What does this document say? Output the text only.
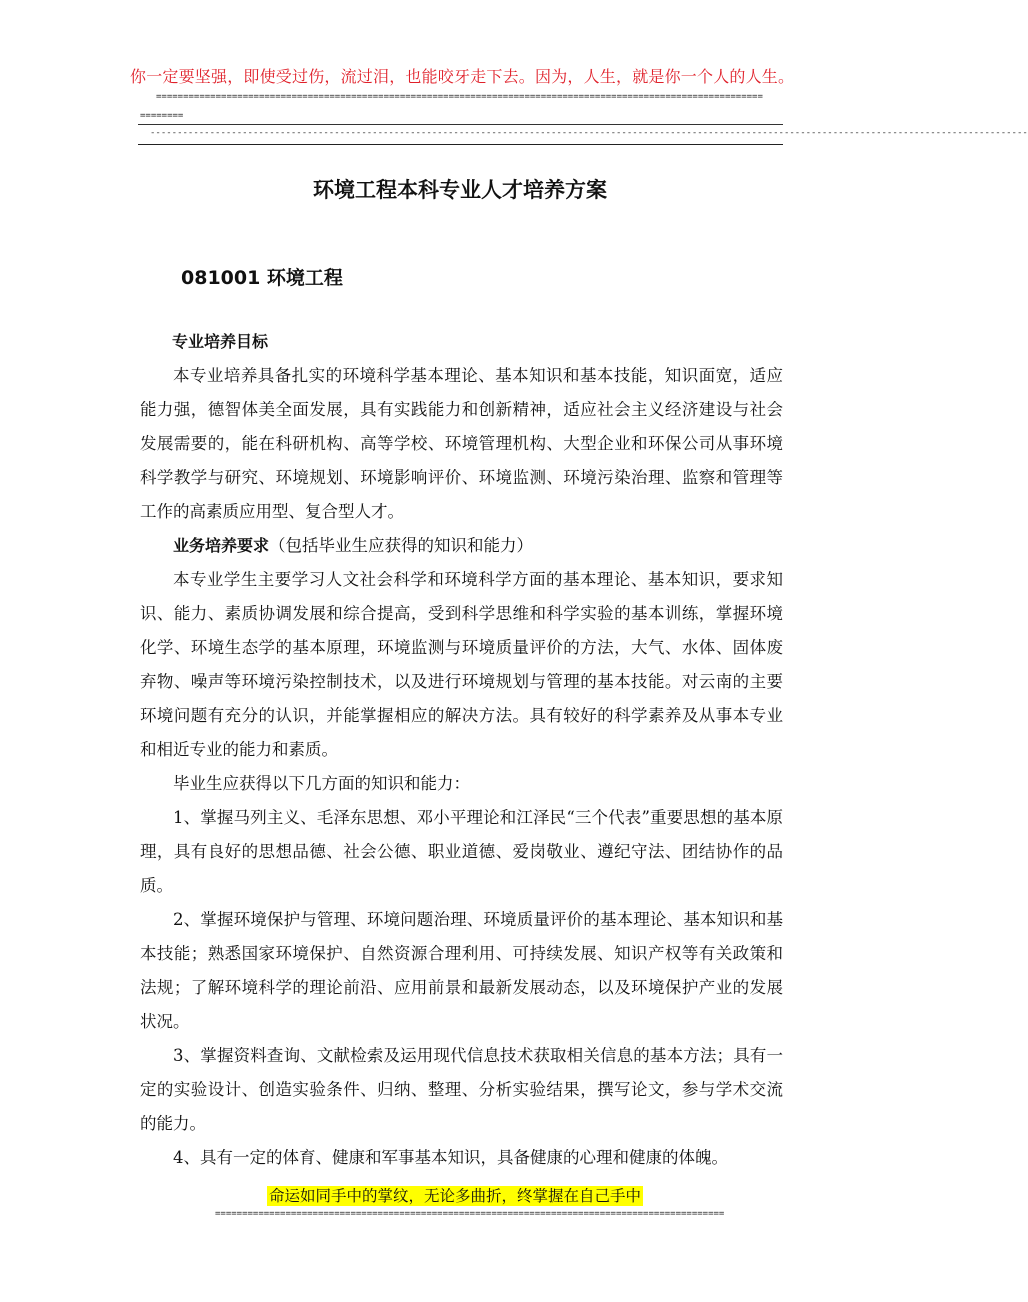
你一定要坚强，即使受过伤，流过泪，也能咬牙走下去。因为，人生，就是你一个人的人生。
================================================================================================================
========
------------------------------------------------------------------------------------------------------------------------------------------------------------------
环境工程本科专业人才培养方案
081001 环境工程
专业培养目标

本专业培养具备扎实的环境科学基本理论、基本知识和基本技能，知识面宽，适应能力强，德智体美全面发展，具有实践能力和创新精神，适应社会主义经济建设与社会发展需要的，能在科研机构、高等学校、环境管理机构、大型企业和环保公司从事环境科学教学与研究、环境规划、环境影响评价、环境监测、环境污染治理、监察和管理等工作的高素质应用型、复合型人才。

业务培养要求（包括毕业生应获得的知识和能力）

本专业学生主要学习人文社会科学和环境科学方面的基本理论、基本知识，要求知识、能力、素质协调发展和综合提高，受到科学思维和科学实验的基本训练，掌握环境化学、环境生态学的基本原理，环境监测与环境质量评价的方法，大气、水体、固体废弃物、噪声等环境污染控制技术，以及进行环境规划与管理的基本技能。对云南的主要环境问题有充分的认识，并能掌握相应的解决方法。具有较好的科学素养及从事本专业和相近专业的能力和素质。

毕业生应获得以下几方面的知识和能力：

1、掌握马列主义、毛泽东思想、邓小平理论和江泽民“三个代表”重要思想的基本原理，具有良好的思想品德、社会公德、职业道德、爱岗敬业、遵纪守法、团结协作的品质。

2、掌握环境保护与管理、环境问题治理、环境质量评价的基本理论、基本知识和基本技能；熟悉国家环境保护、自然资源合理利用、可持续发展、知识产权等有关政策和法规；了解环境科学的理论前沿、应用前景和最新发展动态，以及环境保护产业的发展状况。

3、掌握资料查询、文献检索及运用现代信息技术获取相关信息的基本方法；具有一定的实验设计、创造实验条件、归纳、整理、分析实验结果，撰写论文，参与学术交流的能力。

4、具有一定的体育、健康和军事基本知识，具备健康的心理和健康的体魄。

命运如同手中的掌纹，无论多曲折，终掌握在自己手中
==============================================================================================
